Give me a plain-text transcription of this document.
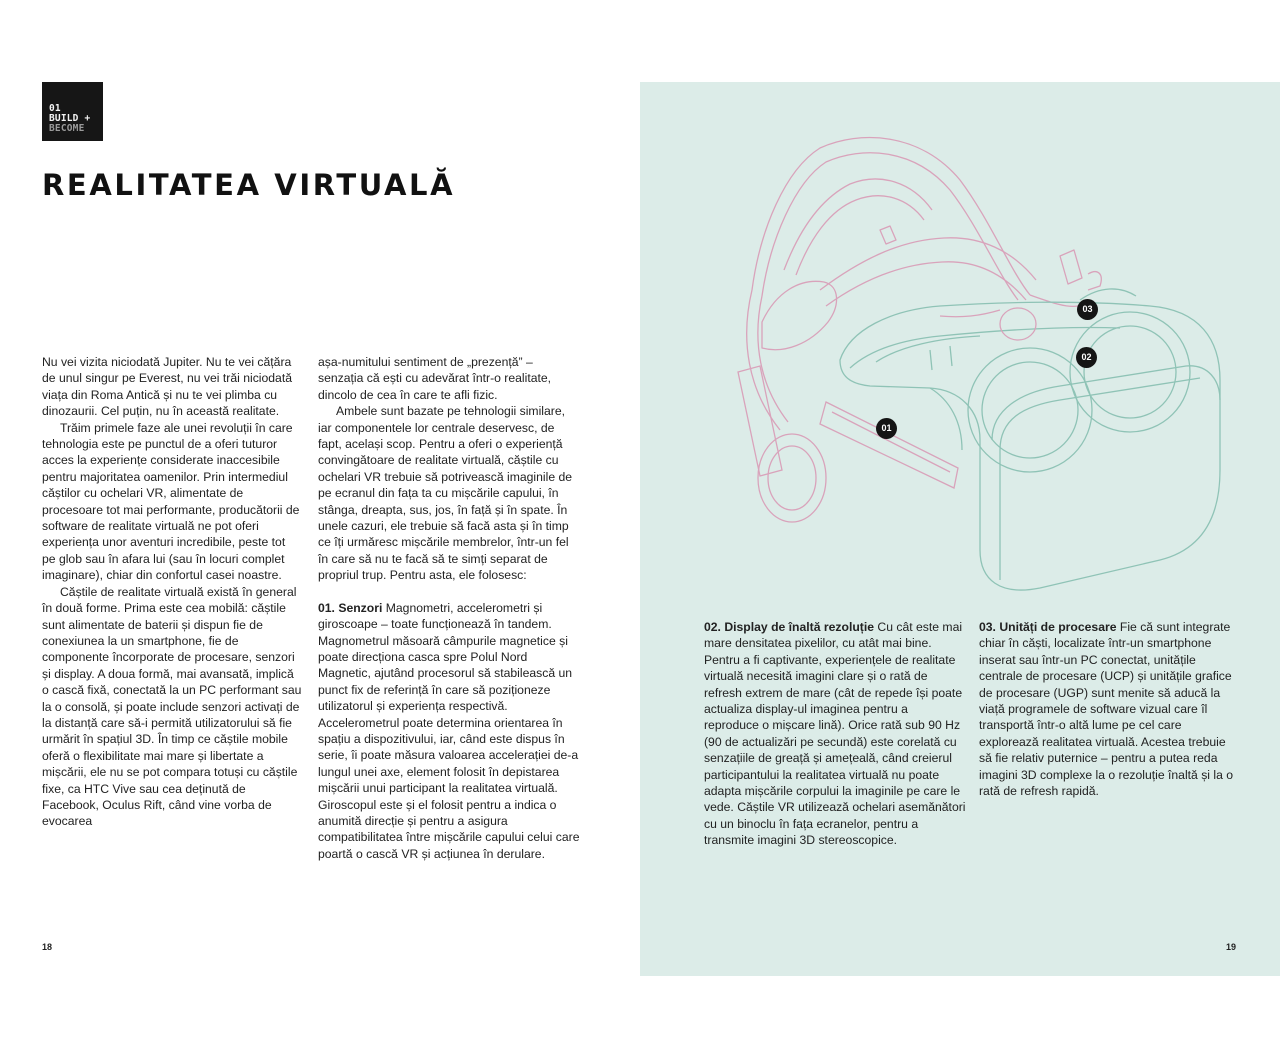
01
BUILD +
BECOME
REALITATEA VIRTUALĂ

Nu vei vizita niciodată Jupiter. Nu te vei cățăra de unul singur pe Everest, nu vei trăi niciodată viața din Roma Antică și nu te vei plimba cu dinozaurii. Cel puțin, nu în această realitate.

Trăim primele faze ale unei revoluții în care tehnologia este pe punctul de a oferi tuturor acces la experiențe considerate inaccesibile pentru majoritatea oamenilor. Prin intermediul căștilor cu ochelari VR, alimentate de procesoare tot mai performante, producătorii de software de realitate virtuală ne pot oferi experiența unor aventuri incredibile, peste tot pe glob sau în afara lui (sau în locuri complet imaginare), chiar din confortul casei noastre.

Căștile de realitate virtuală există în general în două forme. Prima este cea mobilă: căștile sunt alimentate de baterii și dispun fie de conexiunea la un smartphone, fie de componente încorporate de procesare, senzori și display. A doua formă, mai avansată, implică o cască fixă, conectată la un PC performant sau la o consolă, și poate include senzori activați de la distanță care să-i permită utilizatorului să fie urmărit în spațiul 3D. În timp ce căștile mobile oferă o flexibilitate mai mare și libertate a mișcării, ele nu se pot compara totuși cu căștile fixe, ca HTC Vive sau cea deținută de Facebook, Oculus Rift, când vine vorba de evocarea

așa-numitului sentiment de „prezență” – senzația că ești cu adevărat într-o realitate, dincolo de cea în care te afli fizic.

Ambele sunt bazate pe tehnologii similare, iar componentele lor centrale deservesc, de fapt, același scop. Pentru a oferi o experiență convingătoare de realitate virtuală, căștile cu ochelari VR trebuie să potrivească imaginile de pe ecranul din fața ta cu mișcările capului, în stânga, dreapta, sus, jos, în față și în spate. În unele cazuri, ele trebuie să facă asta și în timp ce îți urmăresc mișcările membrelor, într-un fel în care să nu te facă să te simți separat de propriul trup. Pentru asta, ele folosesc:

01. Senzori Magnometri, accelerometri și giroscoape – toate funcționează în tandem. Magnometrul măsoară câmpurile magnetice și poate direcționa casca spre Polul Nord Magnetic, ajutând procesorul să stabilească un punct fix de referință în care să poziționeze utilizatorul și experiența respectivă. Accelerometrul poate determina orientarea în spațiu a dispozitivului, iar, când este dispus în serie, îi poate măsura valoarea accelerației de-a lungul unei axe, element folosit în depistarea mișcării unui participant la realitatea virtuală. Giroscopul este și el folosit pentru a indica o anumită direcție și pentru a asigura compatibilitatea între mișcările capului celui care poartă o cască VR și acțiunea în derulare.

01
02
03

02. Display de înaltă rezoluție Cu cât este mai mare densitatea pixelilor, cu atât mai bine. Pentru a fi captivante, experiențele de realitate virtuală necesită imagini clare și o rată de refresh extrem de mare (cât de repede își poate actualiza display-ul imaginea pentru a reproduce o mișcare lină). Orice rată sub 90 Hz (90 de actualizări pe secundă) este corelată cu senzațiile de greață și amețeală, când creierul participantului la realitatea virtuală nu poate adapta mișcările corpului la imaginile pe care le vede. Căștile VR utilizează ochelari asemănători cu un binoclu în fața ecranelor, pentru a transmite imagini 3D stereoscopice.

03. Unități de procesare Fie că sunt integrate chiar în căști, localizate într-un smartphone inserat sau într-un PC conectat, unitățile centrale de procesare (UCP) și unitățile grafice de procesare (UGP) sunt menite să aducă la viață programele de software vizual care îl transportă într-o altă lume pe cel care explorează realitatea virtuală. Acestea trebuie să fie relativ puternice – pentru a putea reda imagini 3D complexe la o rezoluție înaltă și la o rată de refresh rapidă.

18	19
